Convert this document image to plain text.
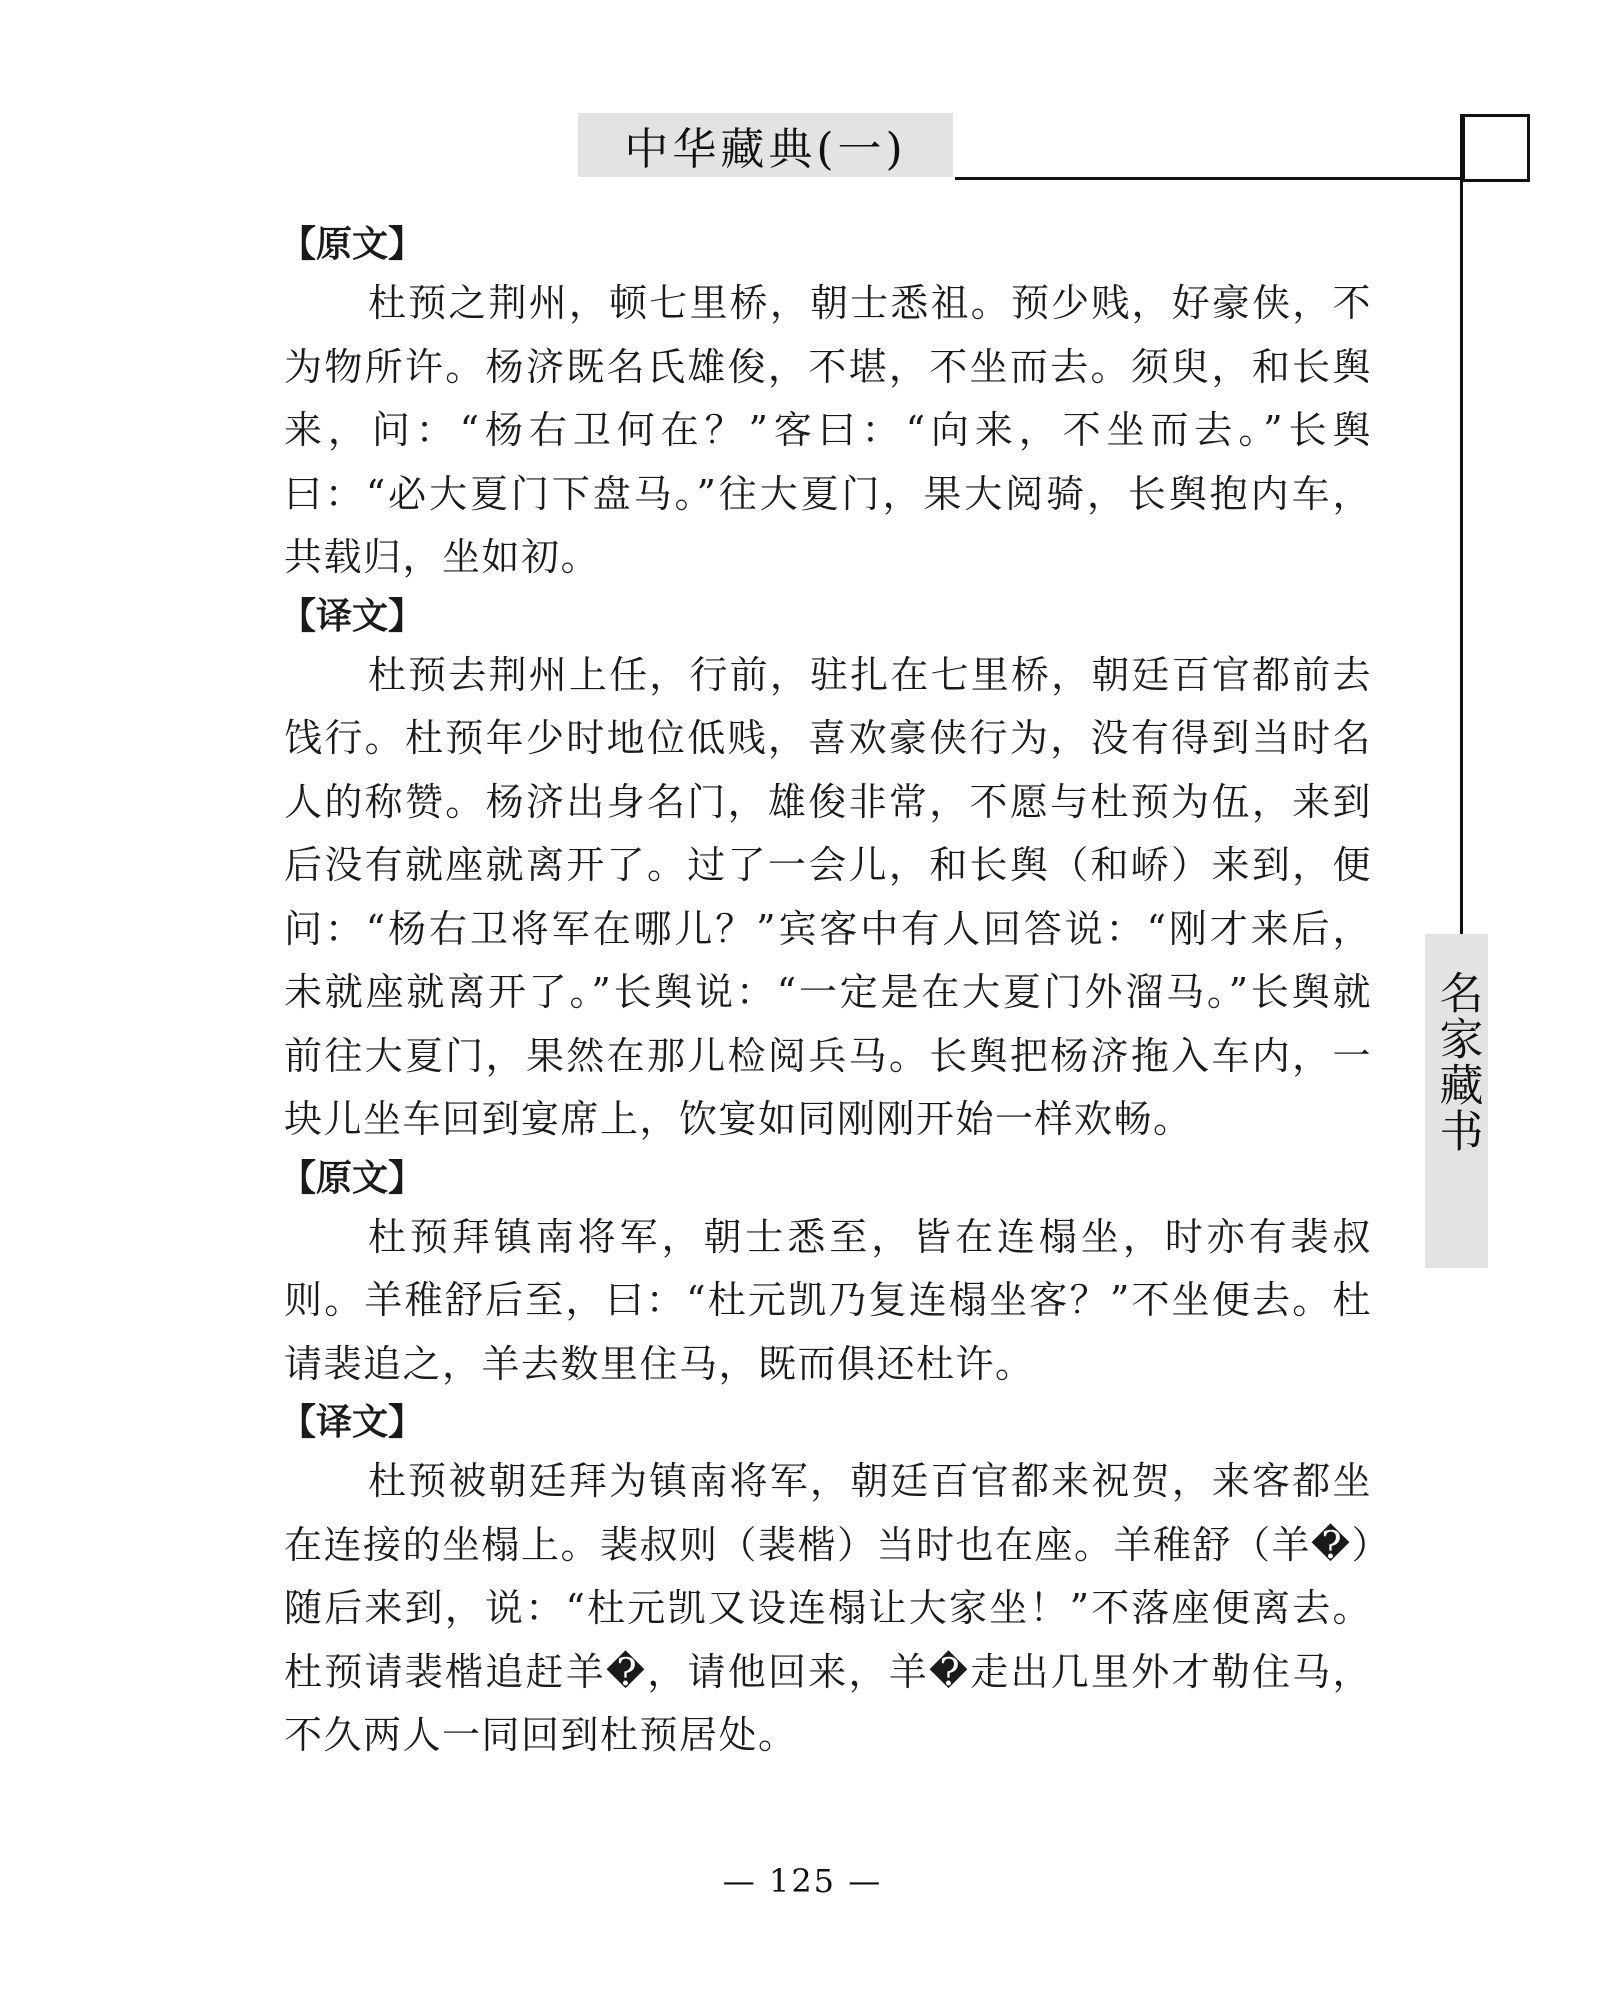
中华藏典(一)
名家藏书
【原文】

杜预之荆州，顿七里桥，朝士悉祖。预少贱，好豪侠，不为物所许。杨济既名氏雄俊，不堪，不坐而去。须臾，和长舆来，问：“杨右卫何在？”客曰：“向来，不坐而去。”长舆曰：“必大夏门下盘马。”往大夏门，果大阅骑，长舆抱内车，共载归，坐如初。

【译文】

杜预去荆州上任，行前，驻扎在七里桥，朝廷百官都前去饯行。杜预年少时地位低贱，喜欢豪侠行为，没有得到当时名人的称赞。杨济出身名门，雄俊非常，不愿与杜预为伍，来到后没有就座就离开了。过了一会儿，和长舆（和峤）来到，便问：“杨右卫将军在哪儿？”宾客中有人回答说：“刚才来后，未就座就离开了。”长舆说：“一定是在大夏门外溜马。”长舆就前往大夏门，果然在那儿检阅兵马。长舆把杨济拖入车内，一块儿坐车回到宴席上，饮宴如同刚刚开始一样欢畅。

【原文】

杜预拜镇南将军，朝士悉至，皆在连榻坐，时亦有裴叔则。羊稚舒后至，曰：“杜元凯乃复连榻坐客？”不坐便去。杜请裴追之，羊去数里住马，既而俱还杜许。

【译文】

杜预被朝廷拜为镇南将军，朝廷百官都来祝贺，来客都坐在连接的坐榻上。裴叔则（裴楷）当时也在座。羊稚舒（羊�）随后来到，说：“杜元凯又设连榻让大家坐！”不落座便离去。杜预请裴楷追赶羊�，请他回来，羊�走出几里外才勒住马，不久两人一同回到杜预居处。

— 125 —
